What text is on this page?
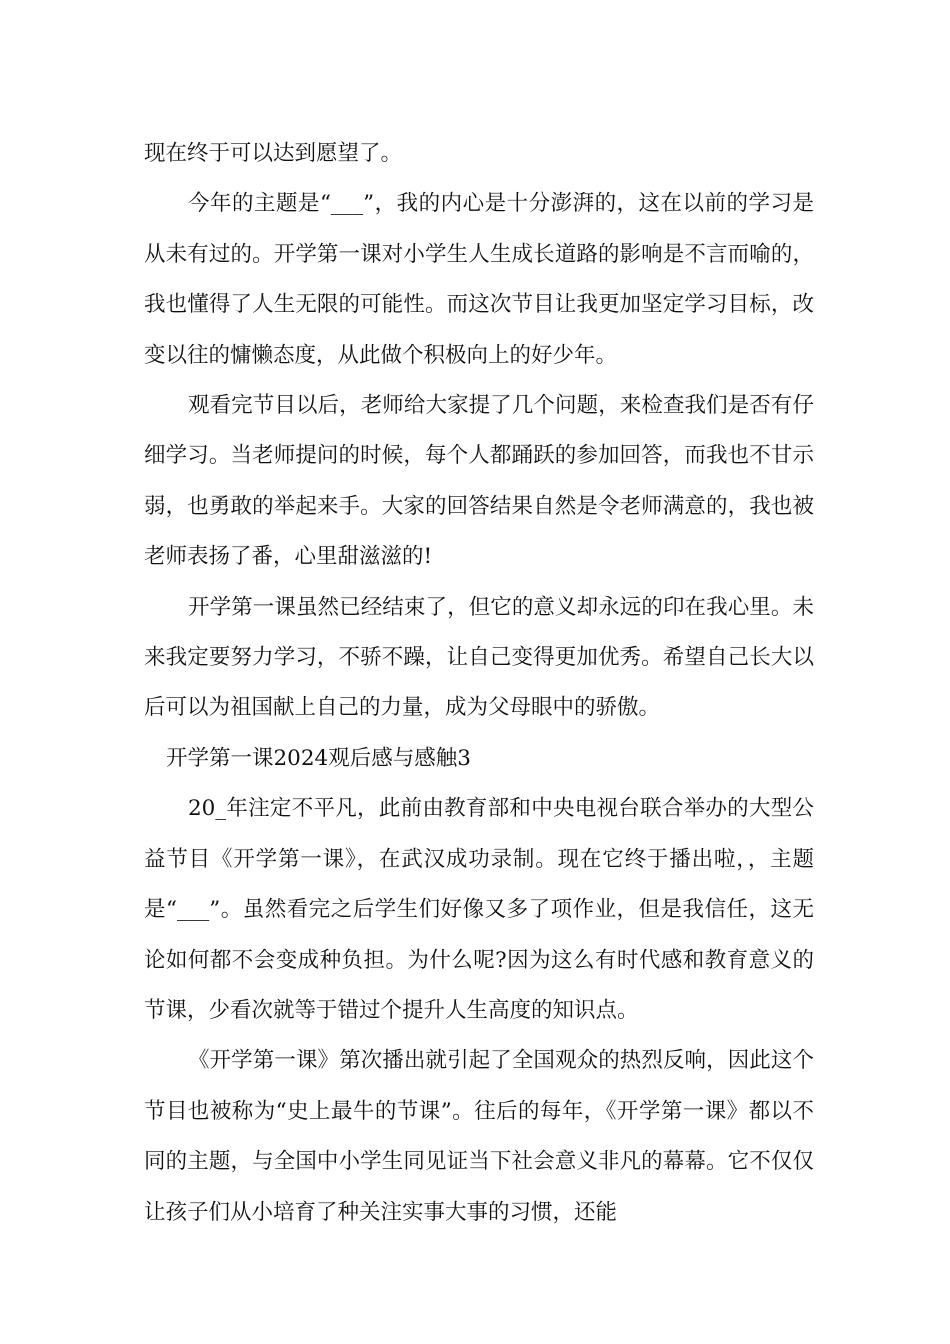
现在终于可以达到愿望了。

今年的主题是“___”，我的内心是十分澎湃的，这在以前的学习是从未有过的。开学第一课对小学生人生成长道路的影响是不言而喻的，我也懂得了人生无限的可能性。而这次节目让我更加坚定学习目标，改变以往的慵懒态度，从此做个积极向上的好少年。

观看完节目以后，老师给大家提了几个问题，来检查我们是否有仔细学习。当老师提问的时候，每个人都踊跃的参加回答，而我也不甘示弱，也勇敢的举起来手。大家的回答结果自然是令老师满意的，我也被老师表扬了番，心里甜滋滋的!

开学第一课虽然已经结束了，但它的意义却永远的印在我心里。未来我定要努力学习，不骄不躁，让自己变得更加优秀。希望自己长大以后可以为祖国献上自己的力量，成为父母眼中的骄傲。

开学第一课2024观后感与感触3

20_年注定不平凡，此前由教育部和中央电视台联合举办的大型公益节目《开学第一课》，在武汉成功录制。现在它终于播出啦，，主题是“___”。虽然看完之后学生们好像又多了项作业，但是我信任，这无论如何都不会变成种负担。为什么呢?因为这么有时代感和教育意义的节课，少看次就等于错过个提升人生高度的知识点。

《开学第一课》第次播出就引起了全国观众的热烈反响，因此这个节目也被称为“史上最牛的节课”。往后的每年，《开学第一课》都以不同的主题，与全国中小学生同见证当下社会意义非凡的幕幕。它不仅仅让孩子们从小培育了种关注实事大事的习惯，还能
